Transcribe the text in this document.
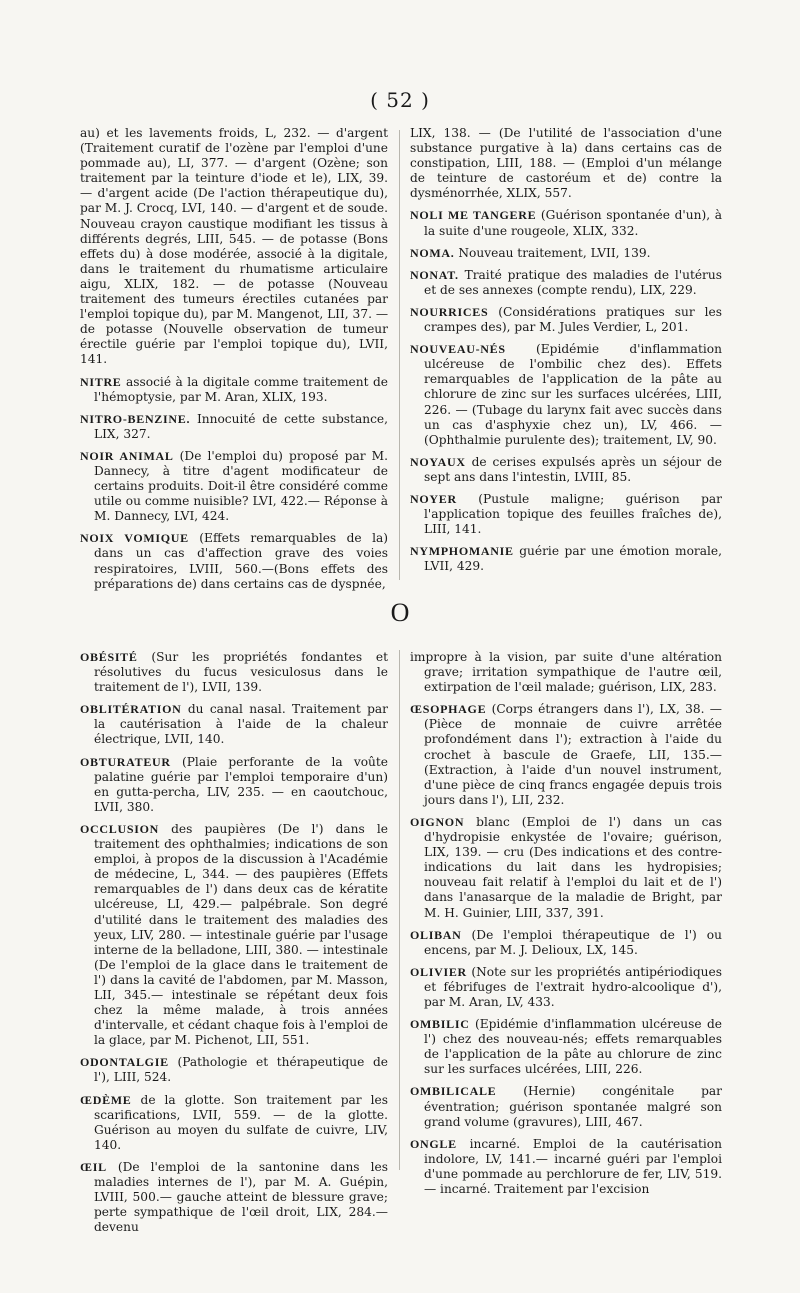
( 52 )

au) et les lavements froids, L, 232. — d'argent (Traitement curatif de l'ozène par l'emploi d'une pommade au), LI, 377. — d'argent (Ozène; son traitement par la teinture d'iode et le), LIX, 39. — d'argent acide (De l'action thérapeutique du), par M. J. Crocq, LVI, 140. — d'argent et de soude. Nouveau crayon caustique modifiant les tissus à différents degrés, LIII, 545. — de potasse (Bons effets du) à dose modérée, associé à la digitale, dans le traitement du rhumatisme articulaire aigu, XLIX, 182. — de potasse (Nouveau traitement des tumeurs érectiles cutanées par l'emploi topique du), par M. Mangenot, LII, 37. — de potasse (Nouvelle observation de tumeur érectile guérie par l'emploi topique du), LVII, 141.

NITRE associé à la digitale comme traitement de l'hémoptysie, par M. Aran, XLIX, 193.

NITRO-BENZINE. Innocuité de cette substance, LIX, 327.

NOIR ANIMAL (De l'emploi du) proposé par M. Dannecy, à titre d'agent modificateur de certains produits. Doit-il être considéré comme utile ou comme nuisible? LVI, 422.— Réponse à M. Dannecy, LVI, 424.

NOIX VOMIQUE (Effets remarquables de la) dans un cas d'affection grave des voies respiratoires, LVIII, 560.—(Bons effets des préparations de) dans certains cas de dyspnée,

LIX, 138. — (De l'utilité de l'association d'une substance purgative à la) dans certains cas de constipation, LIII, 188. — (Emploi d'un mélange de teinture de castoréum et de) contre la dysménorrhée, XLIX, 557.

NOLI ME TANGERE (Guérison spontanée d'un), à la suite d'une rougeole, XLIX, 332.

NOMA. Nouveau traitement, LVII, 139.

NONAT. Traité pratique des maladies de l'utérus et de ses annexes (compte rendu), LIX, 229.

NOURRICES (Considérations pratiques sur les crampes des), par M. Jules Verdier, L, 201.

NOUVEAU-NÉS (Epidémie d'inflammation ulcéreuse de l'ombilic chez des). Effets remarquables de l'application de la pâte au chlorure de zinc sur les surfaces ulcérées, LIII, 226. — (Tubage du larynx fait avec succès dans un cas d'asphyxie chez un), LV, 466. — (Ophthalmie purulente des); traitement, LV, 90.

NOYAUX de cerises expulsés après un séjour de sept ans dans l'intestin, LVIII, 85.

NOYER (Pustule maligne; guérison par l'application topique des feuilles fraîches de), LIII, 141.

NYMPHOMANIE guérie par une émotion morale, LVII, 429.

O

OBÉSITÉ (Sur les propriétés fondantes et résolutives du fucus vesiculosus dans le traitement de l'), LVII, 139.

OBLITÉRATION du canal nasal. Traitement par la cautérisation à l'aide de la chaleur électrique, LVII, 140.

OBTURATEUR (Plaie perforante de la voûte palatine guérie par l'emploi temporaire d'un) en gutta-percha, LIV, 235. — en caoutchouc, LVII, 380.

OCCLUSION des paupières (De l') dans le traitement des ophthalmies; indications de son emploi, à propos de la discussion à l'Académie de médecine, L, 344. — des paupières (Effets remarquables de l') dans deux cas de kératite ulcéreuse, LI, 429.— palpébrale. Son degré d'utilité dans le traitement des maladies des yeux, LIV, 280. — intestinale guérie par l'usage interne de la belladone, LIII, 380. — intestinale (De l'emploi de la glace dans le traitement de l') dans la cavité de l'abdomen, par M. Masson, LII, 345.— intestinale se répétant deux fois chez la même malade, à trois années d'intervalle, et cédant chaque fois à l'emploi de la glace, par M. Pichenot, LII, 551.

ODONTALGIE (Pathologie et thérapeutique de l'), LIII, 524.

ŒDÈME de la glotte. Son traitement par les scarifications, LVII, 559. — de la glotte. Guérison au moyen du sulfate de cuivre, LIV, 140.

ŒIL (De l'emploi de la santonine dans les maladies internes de l'), par M. A. Guépin, LVIII, 500.— gauche atteint de blessure grave; perte sympathique de l'œil droit, LIX, 284.— devenu

impropre à la vision, par suite d'une altération grave; irritation sympathique de l'autre œil, extirpation de l'œil malade; guérison, LIX, 283.

ŒSOPHAGE (Corps étrangers dans l'), LX, 38. — (Pièce de monnaie de cuivre arrêtée profondément dans l'); extraction à l'aide du crochet à bascule de Graefe, LII, 135.— (Extraction, à l'aide d'un nouvel instrument, d'une pièce de cinq francs engagée depuis trois jours dans l'), LII, 232.

OIGNON blanc (Emploi de l') dans un cas d'hydropisie enkystée de l'ovaire; guérison, LIX, 139. — cru (Des indications et des contre-indications du lait dans les hydropisies; nouveau fait relatif à l'emploi du lait et de l') dans l'anasarque de la maladie de Bright, par M. H. Guinier, LIII, 337, 391.

OLIBAN (De l'emploi thérapeutique de l') ou encens, par M. J. Delioux, LX, 145.

OLIVIER (Note sur les propriétés antipériodiques et fébrifuges de l'extrait hydro-alcoolique d'), par M. Aran, LV, 433.

OMBILIC (Epidémie d'inflammation ulcéreuse de l') chez des nouveau-nés; effets remarquables de l'application de la pâte au chlorure de zinc sur les surfaces ulcérées, LIII, 226.

OMBILICALE (Hernie) congénitale par éventration; guérison spontanée malgré son grand volume (gravures), LIII, 467.

ONGLE incarné. Emploi de la cautérisation indolore, LV, 141.— incarné guéri par l'emploi d'une pommade au perchlorure de fer, LIV, 519. — incarné. Traitement par l'excision
